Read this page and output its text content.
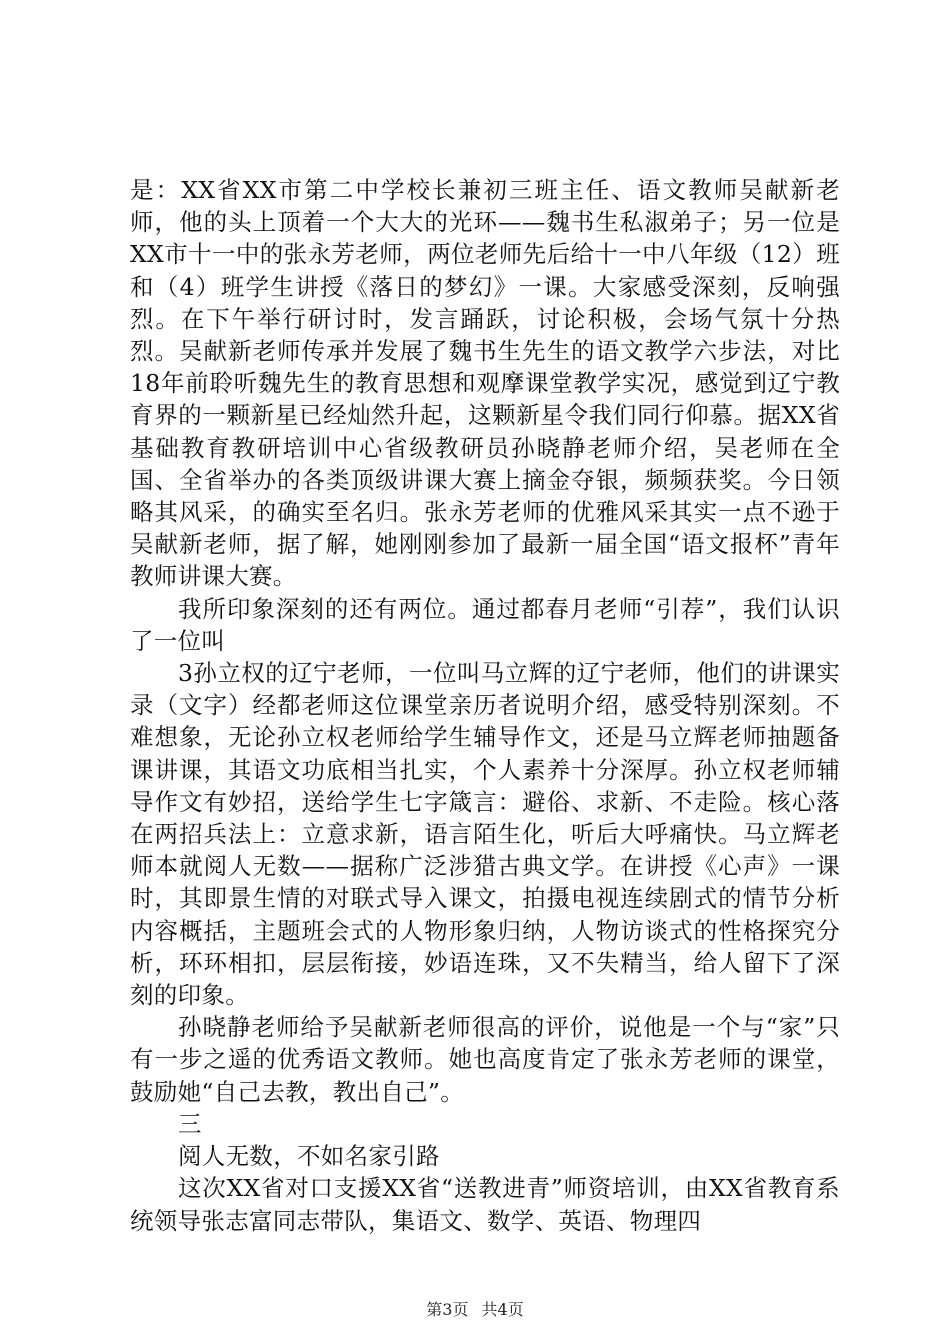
是：XX省XX市第二中学校长兼初三班主任、语文教师吴献新老师，他的头上顶着一个大大的光环——魏书生私淑弟子；另一位是XX市十一中的张永芳老师，两位老师先后给十一中八年级（12）班和（4）班学生讲授《落日的梦幻》一课。大家感受深刻，反响强烈。在下午举行研讨时，发言踊跃，讨论积极，会场气氛十分热烈。吴献新老师传承并发展了魏书生先生的语文教学六步法，对比18年前聆听魏先生的教育思想和观摩课堂教学实况，感觉到辽宁教育界的一颗新星已经灿然升起，这颗新星令我们同行仰慕。据XX省基础教育教研培训中心省级教研员孙晓静老师介绍，吴老师在全国、全省举办的各类顶级讲课大赛上摘金夺银，频频获奖。今日领略其风采，的确实至名归。张永芳老师的优雅风采其实一点不逊于吴献新老师，据了解，她刚刚参加了最新一届全国“语文报杯”青年教师讲课大赛。

我所印象深刻的还有两位。通过都春月老师“引荐”，我们认识了一位叫

3孙立权的辽宁老师，一位叫马立辉的辽宁老师，他们的讲课实录（文字）经都老师这位课堂亲历者说明介绍，感受特别深刻。不难想象，无论孙立权老师给学生辅导作文，还是马立辉老师抽题备课讲课，其语文功底相当扎实，个人素养十分深厚。孙立权老师辅导作文有妙招，送给学生七字箴言：避俗、求新、不走险。核心落在两招兵法上：立意求新，语言陌生化，听后大呼痛快。马立辉老师本就阅人无数——据称广泛涉猎古典文学。在讲授《心声》一课时，其即景生情的对联式导入课文，拍摄电视连续剧式的情节分析内容概括，主题班会式的人物形象归纳，人物访谈式的性格探究分析，环环相扣，层层衔接，妙语连珠，又不失精当，给人留下了深刻的印象。

孙晓静老师给予吴献新老师很高的评价，说他是一个与“家”只有一步之遥的优秀语文教师。她也高度肯定了张永芳老师的课堂，鼓励她“自己去教，教出自己”。

三

阅人无数，不如名家引路

这次XX省对口支援XX省“送教进青”师资培训，由XX省教育系统领导张志富同志带队，集语文、数学、英语、物理四

第3页 共4页
